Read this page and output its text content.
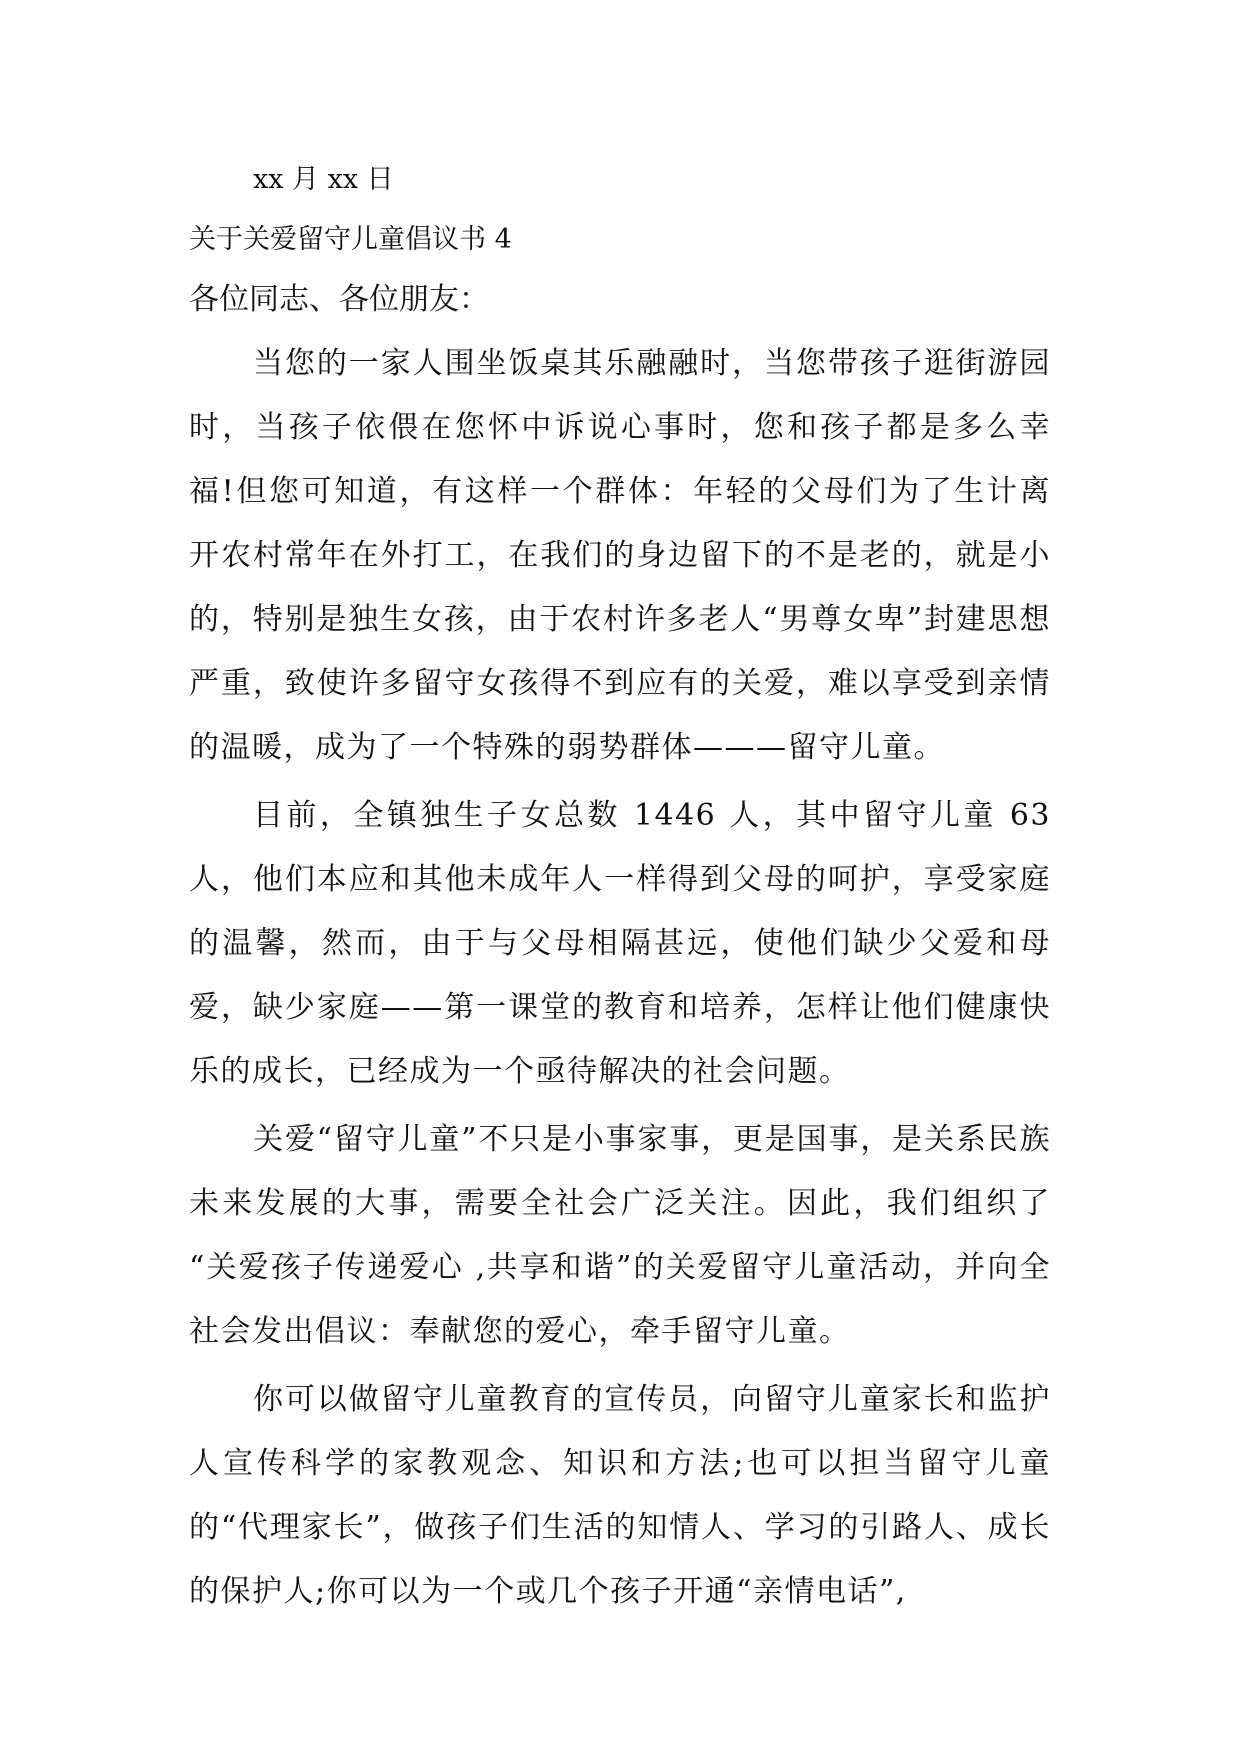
xx 月 xx 日

关于关爱留守儿童倡议书 4

各位同志、各位朋友：

当您的一家人围坐饭桌其乐融融时，当您带孩子逛街游园时，当孩子依偎在您怀中诉说心事时，您和孩子都是多么幸福!但您可知道，有这样一个群体：年轻的父母们为了生计离开农村常年在外打工，在我们的身边留下的不是老的，就是小的，特别是独生女孩，由于农村许多老人“男尊女卑”封建思想严重，致使许多留守女孩得不到应有的关爱，难以享受到亲情的温暖，成为了一个特殊的弱势群体———留守儿童。

目前，全镇独生子女总数 1446 人，其中留守儿童 63 人，他们本应和其他未成年人一样得到父母的呵护，享受家庭的温馨，然而，由于与父母相隔甚远，使他们缺少父爱和母爱，缺少家庭——第一课堂的教育和培养，怎样让他们健康快乐的成长，已经成为一个亟待解决的社会问题。

关爱“留守儿童”不只是小事家事，更是国事，是关系民族未来发展的大事，需要全社会广泛关注。因此，我们组织了 “关爱孩子传递爱心 ,共享和谐”的关爱留守儿童活动，并向全社会发出倡议：奉献您的爱心，牵手留守儿童。

你可以做留守儿童教育的宣传员，向留守儿童家长和监护人宣传科学的家教观念、知识和方法;也可以担当留守儿童的“代理家长”，做孩子们生活的知情人、学习的引路人、成长的保护人;你可以为一个或几个孩子开通“亲情电话”,
